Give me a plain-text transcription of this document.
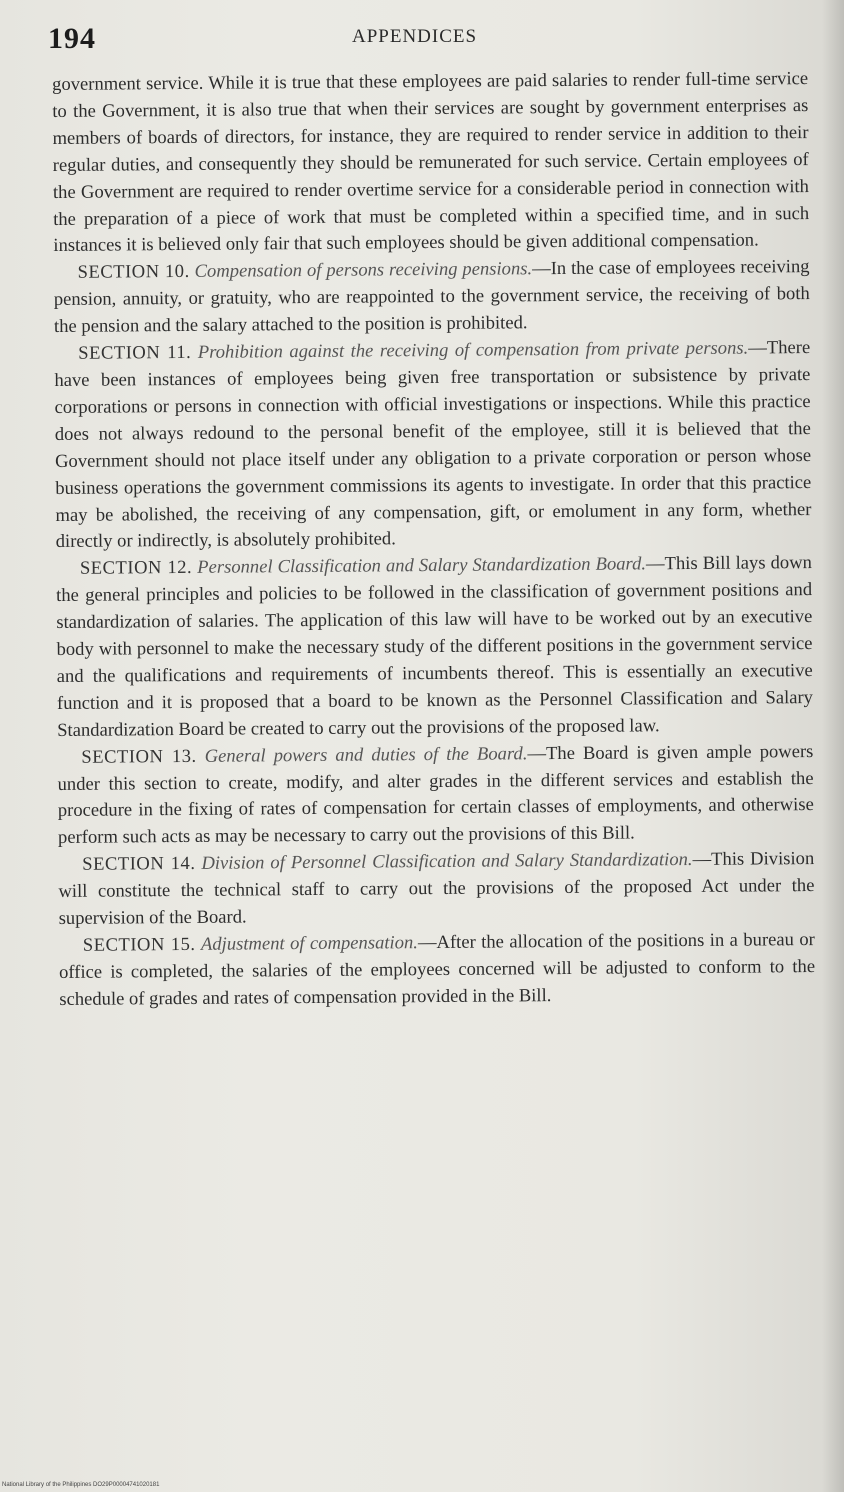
194	APPENDICES

government service. While it is true that these employees are paid salaries to render full-time service to the Government, it is also true that when their services are sought by government enterprises as members of boards of directors, for instance, they are required to render service in addition to their regular duties, and consequently they should be remunerated for such service. Certain employees of the Government are required to render overtime service for a considerable period in connection with the preparation of a piece of work that must be completed within a specified time, and in such instances it is believed only fair that such employees should be given additional compensation.

SECTION 10. Compensation of persons receiving pensions.—In the case of employees receiving pension, annuity, or gratuity, who are reappointed to the government service, the receiving of both the pension and the salary attached to the position is prohibited.

SECTION 11. Prohibition against the receiving of compensation from private persons.—There have been instances of employees being given free transportation or subsistence by private corporations or persons in connection with official investigations or inspections. While this practice does not always redound to the personal benefit of the employee, still it is believed that the Government should not place itself under any obligation to a private corporation or person whose business operations the government commissions its agents to investigate. In order that this practice may be abolished, the receiving of any compensation, gift, or emolument in any form, whether directly or indirectly, is absolutely prohibited.

SECTION 12. Personnel Classification and Salary Standardization Board.—This Bill lays down the general principles and policies to be followed in the classification of government positions and standardization of salaries. The application of this law will have to be worked out by an executive body with personnel to make the necessary study of the different positions in the government service and the qualifications and requirements of incumbents thereof. This is essentially an executive function and it is proposed that a board to be known as the Personnel Classification and Salary Standardization Board be created to carry out the provisions of the proposed law.

SECTION 13. General powers and duties of the Board.—The Board is given ample powers under this section to create, modify, and alter grades in the different services and establish the procedure in the fixing of rates of compensation for certain classes of employments, and otherwise perform such acts as may be necessary to carry out the provisions of this Bill.

SECTION 14. Division of Personnel Classification and Salary Standardization.—This Division will constitute the technical staff to carry out the provisions of the proposed Act under the supervision of the Board.

SECTION 15. Adjustment of compensation.—After the allocation of the positions in a bureau or office is completed, the salaries of the employees concerned will be adjusted to conform to the schedule of grades and rates of compensation provided in the Bill.

National Library of the Philippines DO29P00004741020181
